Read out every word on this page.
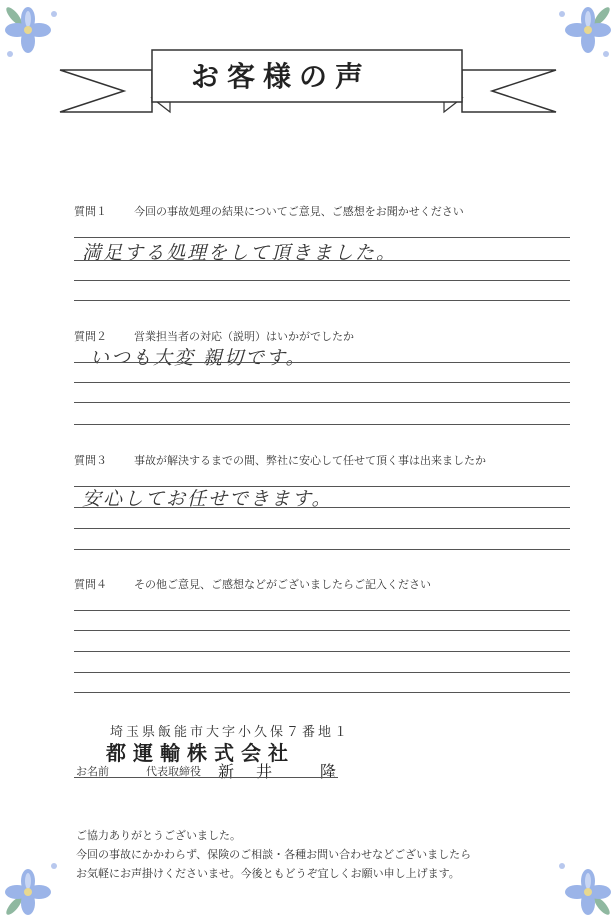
お客様の声
質問１ 今回の事故処理の結果についてご意見、ご感想をお聞かせください
満足する処理をして頂きました。
質問２ 営業担当者の対応（説明）はいかがでしたか
いつも大変 親切です。
質問３ 事故が解決するまでの間、弊社に安心して任せて頂く事は出来ましたか
安心してお任せできます。
質問４ その他ご意見、ご感想などがございましたらご記入ください
埼玉県飯能市大字小久保７番地１
都運輸株式会社
お名前	代表取締役 新井 隆
ご協力ありがとうございました。
今回の事故にかかわらず、保険のご相談・各種お問い合わせなどございましたら
お気軽にお声掛けくださいませ。今後ともどうぞ宜しくお願い申し上げます。
